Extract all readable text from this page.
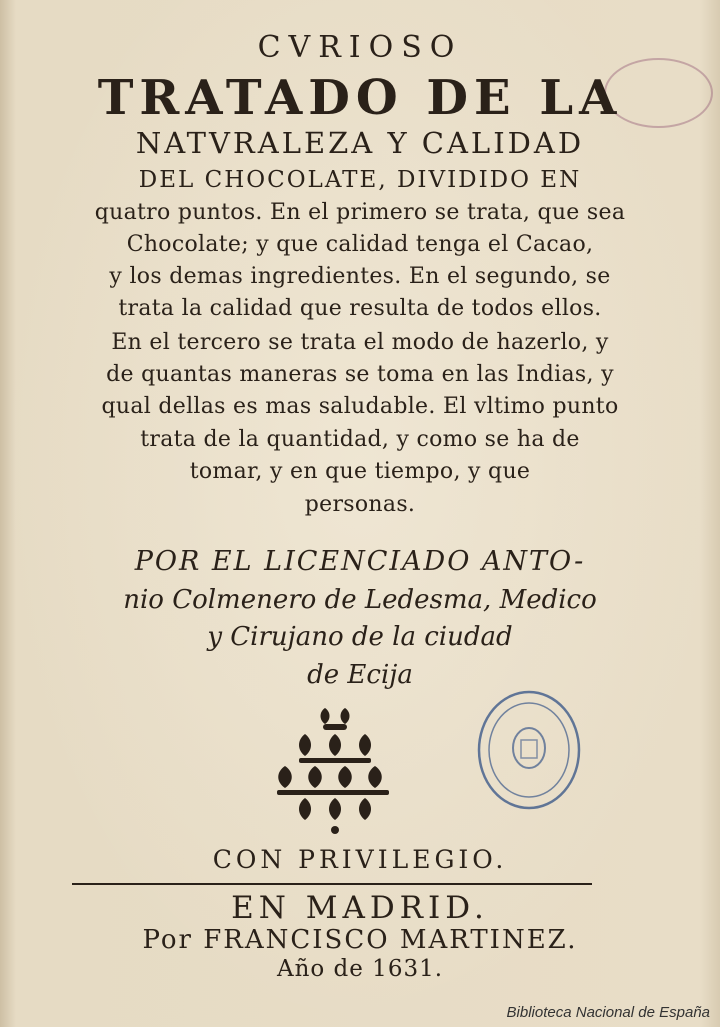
CVRIOSO
TRATADO DE LA
NATVRALEZA Y CALIDAD
DEL CHOCOLATE, DIVIDIDO EN
quatro puntos. En el primero se trata, que sea
Chocolate; y que calidad tenga el Cacao,
y los demas ingredientes. En el segundo, se
trata la calidad que resulta de todos ellos.
En el tercero se trata el modo de hazerlo, y
de quantas maneras se toma en las Indias, y
qual dellas es mas saludable. El vltimo punto
trata de la quantidad, y como se ha de
tomar, y en que tiempo, y que
personas.
POR EL LICENCIADO ANTO-
nio Colmenero de Ledesma, Medico
y Cirujano de la ciudad
de Ecija
CON PRIVILEGIO.
EN MADRID.
Por FRANCISCO MARTINEZ.
Año de 1631.
Biblioteca Nacional de España
